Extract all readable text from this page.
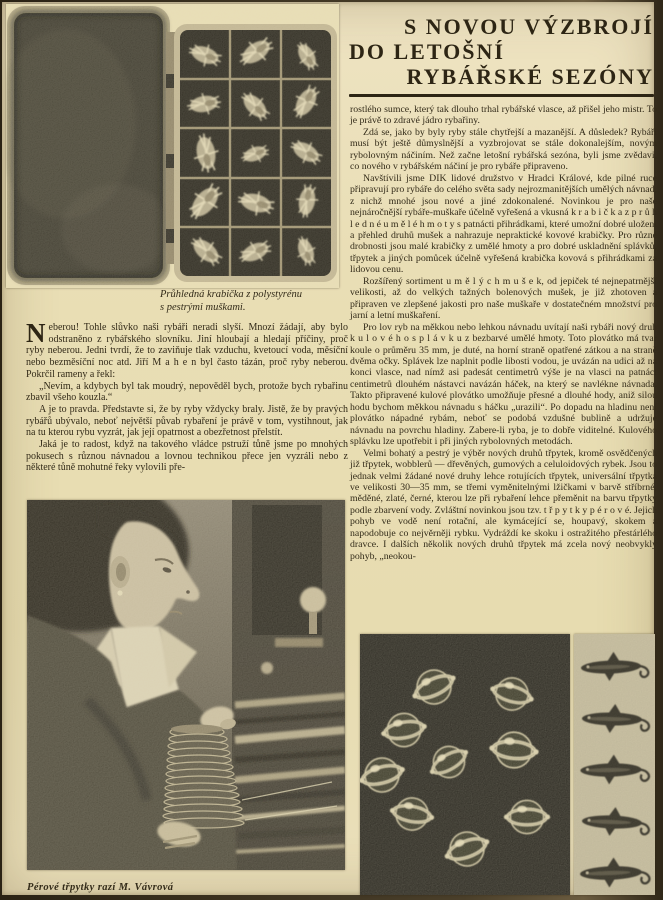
Průhledná krabička z polystyrénu
s pestrými muškami.
S NOVOU VÝZBROJÍ
DO LETOŠNÍ
RYBÁŘSKÉ SEZÓNY

rostlého sumce, který tak dlouho trhal rybářské vlasce, až přišel jeho mistr. To je právě to zdravé jádro rybařiny.

Zdá se, jako by byly ryby stále chytřejší a mazanější. A důsledek? Rybáři musí být ještě důmyslnější a vyzbrojovat se stále dokonalejším, novým rybolovným náčiním. Než začne letošní rybářská sezóna, byli jsme zvědavi, co nového v rybářském náčiní je pro rybáře připraveno.

Navštívili jsme DIK lidové družstvo v Hradci Králové, kde pilné ruce připravují pro rybáře do celého světa sady nejrozmanitějších umělých návnad, z nichž mnohé jsou nové a jiné zdokonalené. Novinkou je pro naše nejnáročnější rybáře-muškaře účelně vyřešená a vkusná k r a b i č k a z p r ů h l e d n é u m ě l é h m o t y s patnácti přihrádkami, které umožní dobré uložení a přehled druhů mušek a nahrazuje nepraktické kovové krabičky. Pro různé drobnosti jsou malé krabičky z umělé hmoty a pro dobré uskladnění splávků, třpytek a jiných pomůcek účelně vyřešená krabička kovová s přihrádkami za lidovou cenu.

Rozšířený sortiment u m ě l ý c h m u š e k, od jepiček té nejnepatrnější velikosti, až do velkých tažných bolenových mušek, je již zhotoven a připraven ve zlepšené jakosti pro naše muškaře v dostatečném množství pro jarní a letní muškaření.

Pro lov ryb na měkkou nebo lehkou návnadu uvítají naši rybáři nový druh k u l o v é h o s p l á v k u z bezbarvé umělé hmoty. Toto plovátko má tvar koule o průměru 35 mm, je duté, na horní straně opatřené zátkou a na straně dvěma očky. Splávek lze naplnit podle libosti vodou, je uvázán na udici až na konci vlasce, nad nímž asi padesát centimetrů výše je na vlasci na patnáct centimetrů dlouhém nástavci navázán háček, na který se navlékne návnada. Takto připravené kulové plovátko umožňuje přesné a dlouhé hody, aniž silou hodu bychom měkkou návnadu s háčku „urazili“. Po dopadu na hladinu není plovátko nápadné rybám, neboť se podobá vzdušné bublině a udržuje návnadu na povrchu hladiny. Zabere-li ryba, je to dobře viditelné. Kulového splávku lze upotřebit i při jiných rybolovných metodách.

Velmi bohatý a pestrý je výběr nových druhů třpytek, kromě osvědčených již třpytek, wobblerů — dřevěných, gumových a celuloidových rybek. Jsou to jednak velmi žádané nové druhy lehce rotujících třpytek, universální třpytka ve velikosti 30—35 mm, se třemi vyměnitelnými lžičkami v barvě stříbrné, měděné, zlaté, černé, kterou lze při rybaření lehce přeměnit na barvu třpytky podle zbarvení vody. Zvláštní novinkou jsou tzv. t ř p y t k y p é r o v é. Jejich pohyb ve vodě není rotační, ale kymácející se, houpavý, skokem a napodobuje co nejvěrněji rybku. Vydráždí ke skoku i ostražitého přestárlého dravce. I dalších několik nových druhů třpytek má zcela nový neobvyklý pohyb, „neokou-

Neberou! Tohle slůvko naši rybáři neradi slyší. Mnozí žádají, aby bylo odstraněno z rybářského slovníku. Jiní hloubají a hledají příčiny, proč ryby neberou. Jedni tvrdí, že to zaviňuje tlak vzduchu, kvetoucí voda, měsíční nebo bezměsíční noc atd. Jiří M a h e n byl často tázán, proč ryby neberou. Pokrčil rameny a řekl:

„Nevím, a kdybych byl tak moudrý, nepověděl bych, protože bych rybařinu zbavil všeho kouzla.“

A je to pravda. Představte si, že by ryby vždycky braly. Jistě, že by pravých rybářů ubývalo, neboť největší půvab rybaření je právě v tom, vystihnout, jak na tu kterou rybu vyzrát, jak její opatrnost a obezřetnost přelstít.

Jaká je to radost, když na takového vládce pstruží tůně jsme po mnohých pokusech s různou návnadou a lovnou technikou přece jen vyzráli nebo z některé tůně mohutné řeky vylovili pře-

Pérové třpytky razí M. Vávrová
